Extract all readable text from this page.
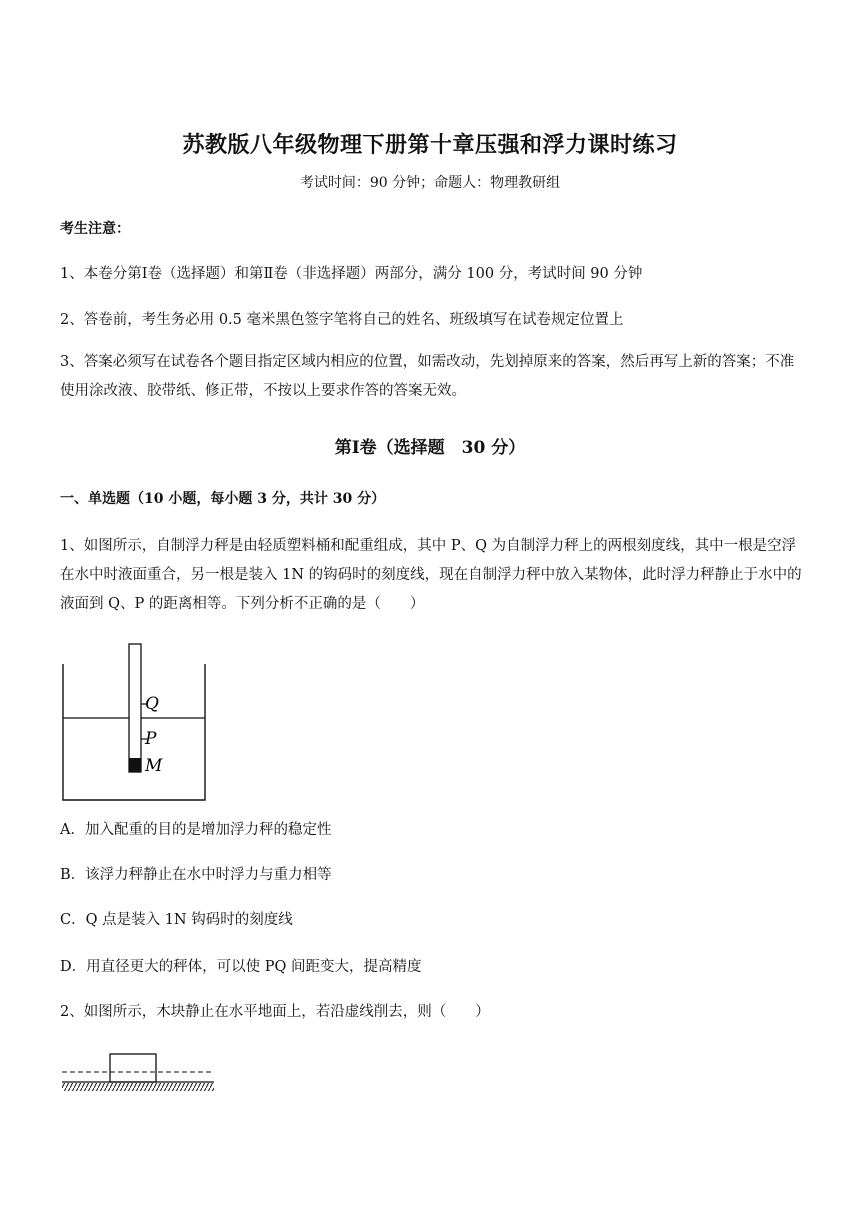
苏教版八年级物理下册第十章压强和浮力课时练习
考试时间：90 分钟；命题人：物理教研组
考生注意：
1、本卷分第Ⅰ卷（选择题）和第Ⅱ卷（非选择题）两部分，满分 100 分，考试时间 90 分钟
2、答卷前，考生务必用 0.5 毫米黑色签字笔将自己的姓名、班级填写在试卷规定位置上
3、答案必须写在试卷各个题目指定区域内相应的位置，如需改动，先划掉原来的答案，然后再写上新的答案；不准使用涂改液、胶带纸、修正带，不按以上要求作答的答案无效。
第Ⅰ卷（选择题　30 分）
一、单选题（10 小题，每小题 3 分，共计 30 分）
1、如图所示，自制浮力秤是由轻质塑料桶和配重组成，其中 P、Q 为自制浮力秤上的两根刻度线，其中一根是空浮在水中时液面重合，另一根是装入 1N 的钩码时的刻度线，现在自制浮力秤中放入某物体，此时浮力秤静止于水中的液面到 Q、P 的距离相等。下列分析不正确的是（　　）
Q
P
M
A．加入配重的目的是增加浮力秤的稳定性
B．该浮力秤静止在水中时浮力与重力相等
C．Q 点是装入 1N 钩码时的刻度线
D．用直径更大的秤体，可以使 PQ 间距变大，提高精度
2、如图所示，木块静止在水平地面上，若沿虚线削去，则（　　）
